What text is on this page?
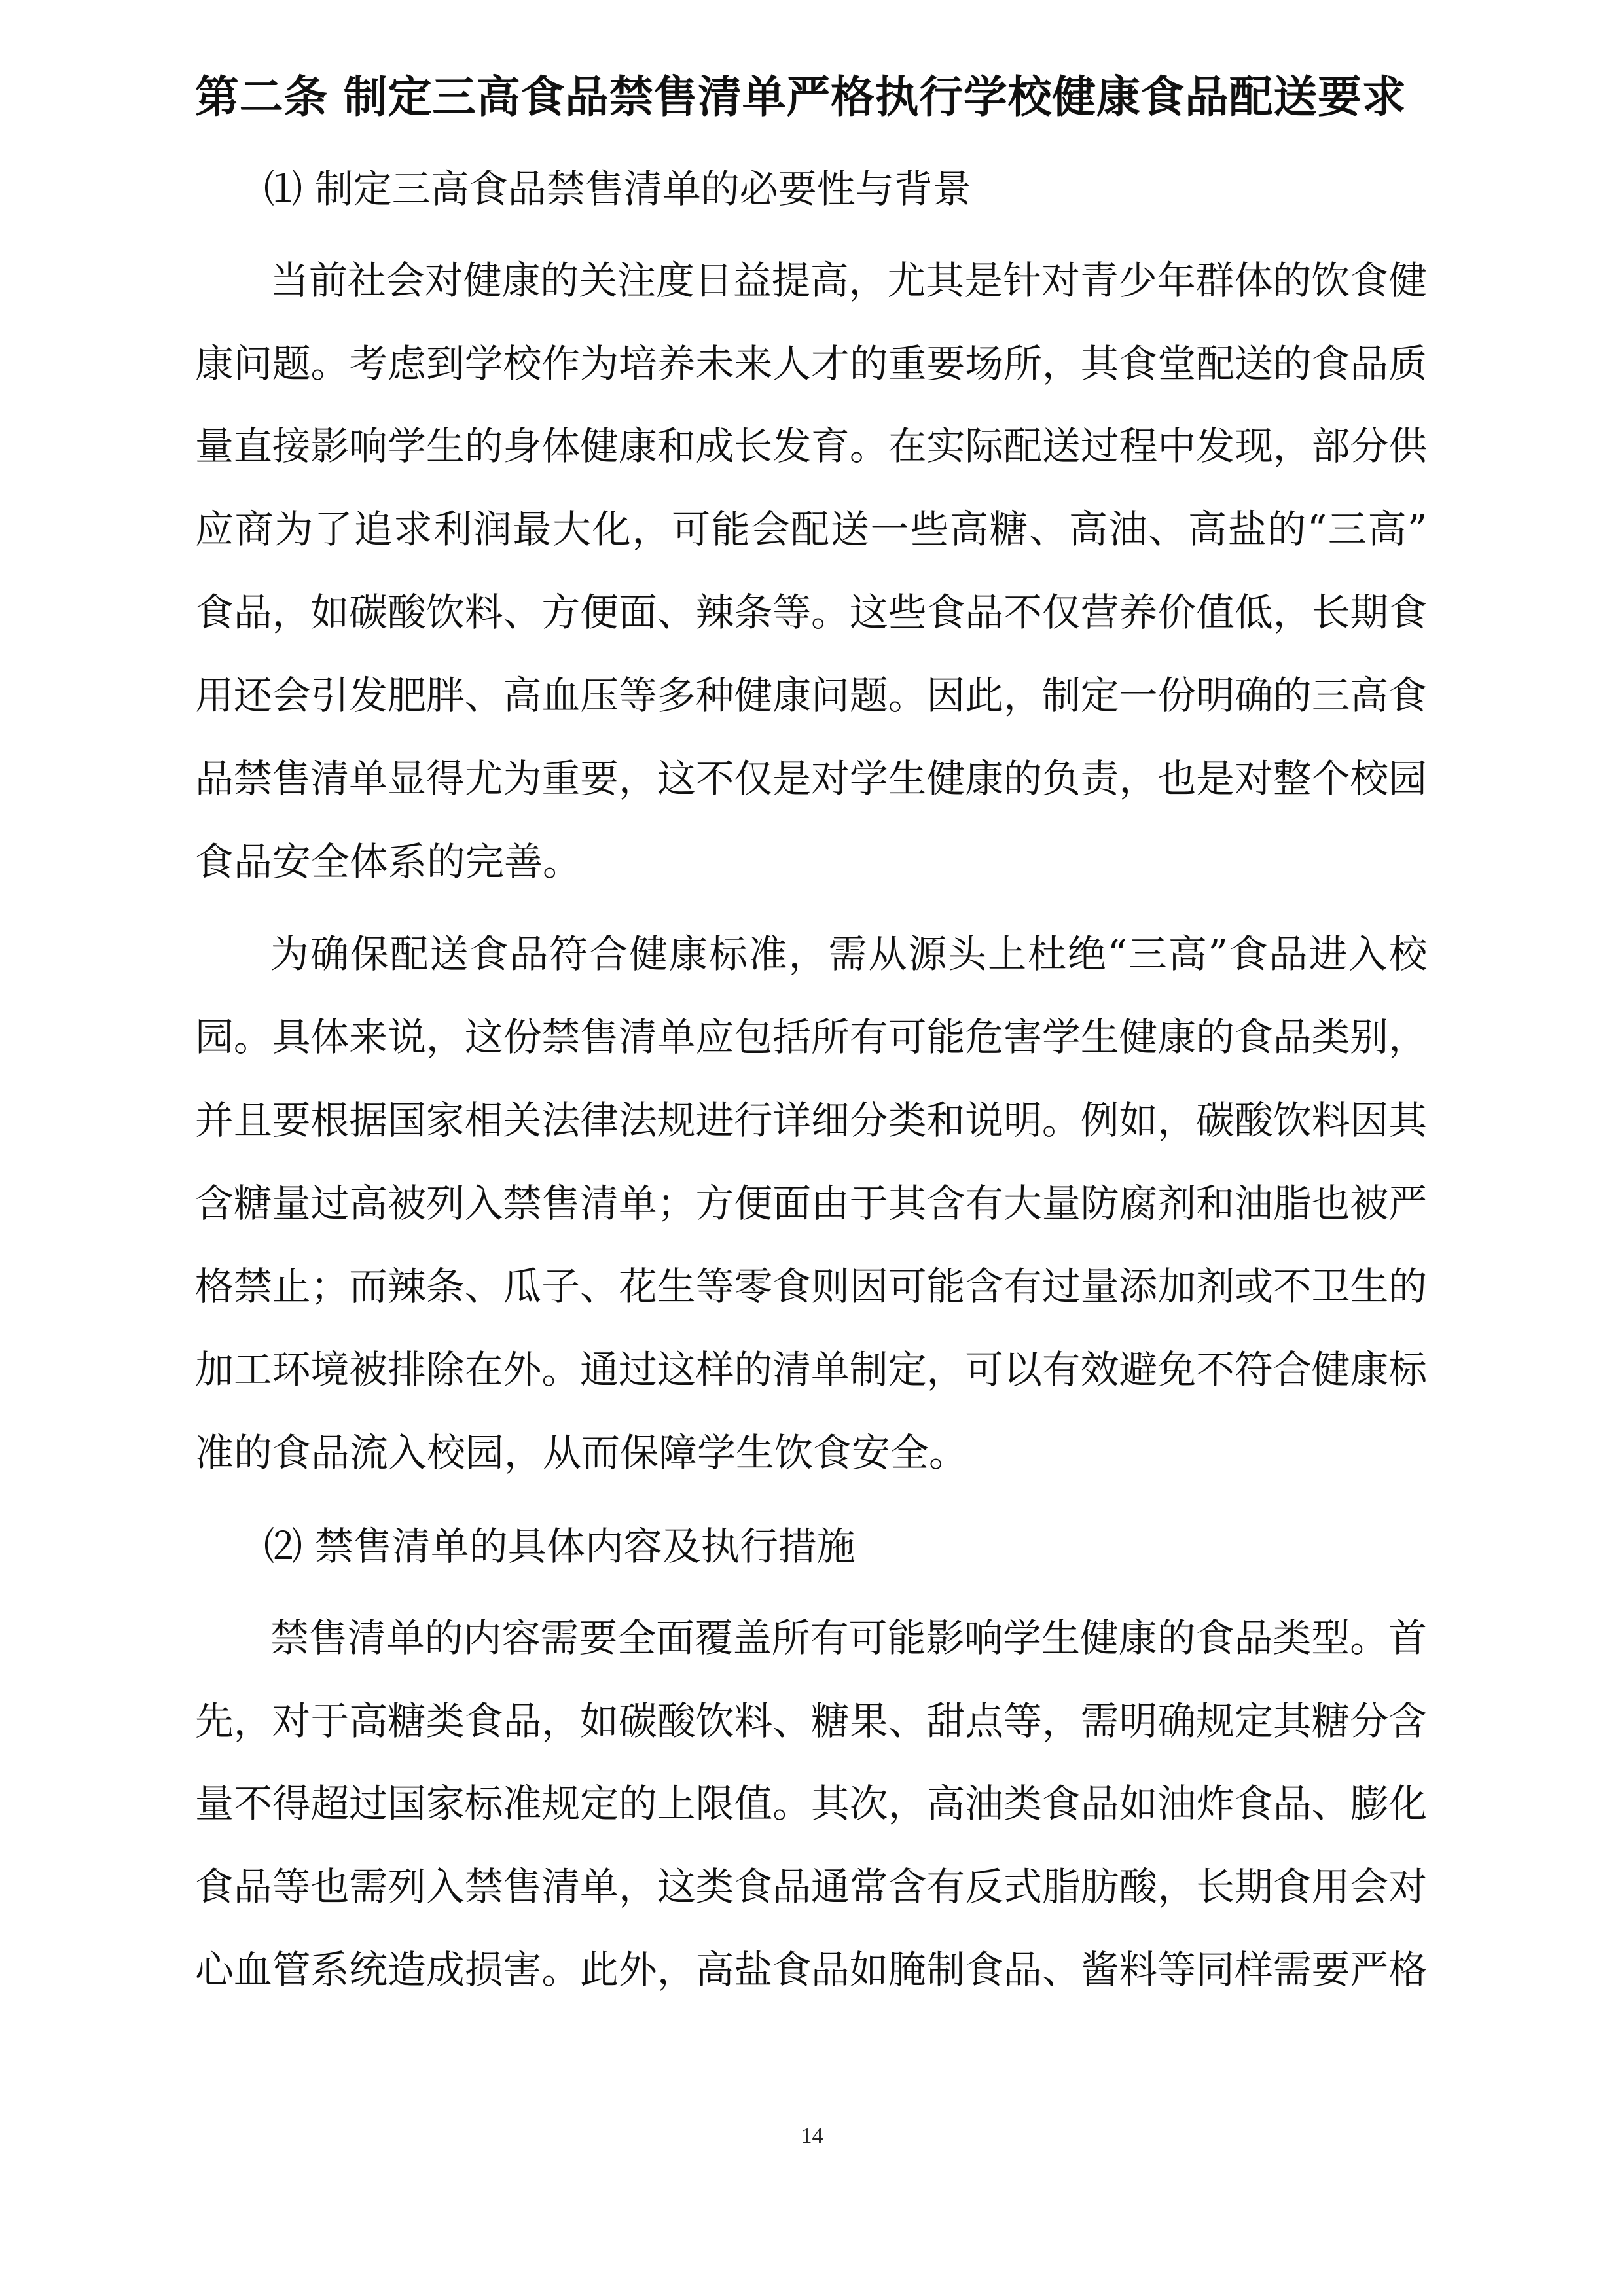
第二条 制定三高食品禁售清单严格执行学校健康食品配送要求
⑴ 制定三高食品禁售清单的必要性与背景
当前社会对健康的关注度日益提高，尤其是针对青少年群体的饮食健
康问题。考虑到学校作为培养未来人才的重要场所，其食堂配送的食品质
量直接影响学生的身体健康和成长发育。在实际配送过程中发现，部分供
应商为了追求利润最大化，可能会配送一些高糖、高油、高盐的“三高”
食品，如碳酸饮料、方便面、辣条等。这些食品不仅营养价值低，长期食
用还会引发肥胖、高血压等多种健康问题。因此，制定一份明确的三高食
品禁售清单显得尤为重要，这不仅是对学生健康的负责，也是对整个校园
食品安全体系的完善。
为确保配送食品符合健康标准，需从源头上杜绝“三高”食品进入校
园。具体来说，这份禁售清单应包括所有可能危害学生健康的食品类别，
并且要根据国家相关法律法规进行详细分类和说明。例如，碳酸饮料因其
含糖量过高被列入禁售清单；方便面由于其含有大量防腐剂和油脂也被严
格禁止；而辣条、瓜子、花生等零食则因可能含有过量添加剂或不卫生的
加工环境被排除在外。通过这样的清单制定，可以有效避免不符合健康标
准的食品流入校园，从而保障学生饮食安全。
⑵ 禁售清单的具体内容及执行措施
禁售清单的内容需要全面覆盖所有可能影响学生健康的食品类型。首
先，对于高糖类食品，如碳酸饮料、糖果、甜点等，需明确规定其糖分含
量不得超过国家标准规定的上限值。其次，高油类食品如油炸食品、膨化
食品等也需列入禁售清单，这类食品通常含有反式脂肪酸，长期食用会对
心血管系统造成损害。此外，高盐食品如腌制食品、酱料等同样需要严格
14
